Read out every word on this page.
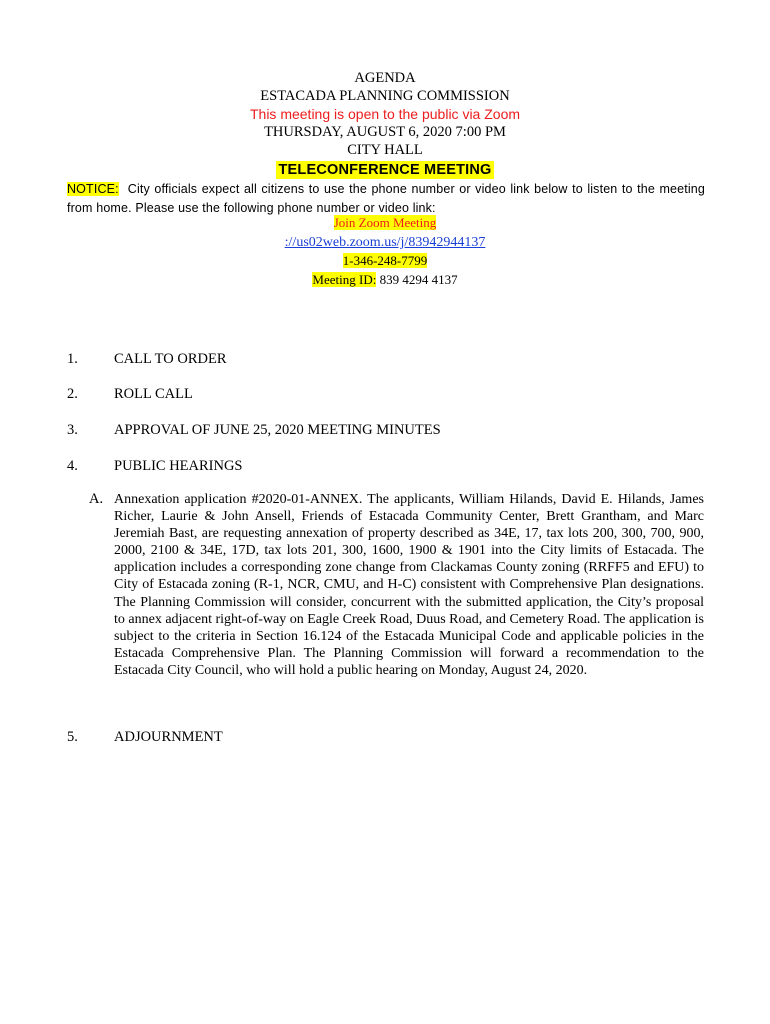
AGENDA
ESTACADA PLANNING COMMISSION
This meeting is open to the public via Zoom
THURSDAY, AUGUST 6, 2020 7:00 PM
CITY HALL
TELECONFERENCE MEETING
NOTICE: City officials expect all citizens to use the phone number or video link below to listen to the meeting from home. Please use the following phone number or video link:
Join Zoom Meeting
://us02web.zoom.us/j/83942944137
1-346-248-7799
Meeting ID: 839 4294 4137
1.	CALL TO ORDER
2.	ROLL CALL
3.	APPROVAL OF JUNE 25, 2020 MEETING MINUTES
4.	PUBLIC HEARINGS
A. Annexation application #2020-01-ANNEX. The applicants, William Hilands, David E. Hilands, James Richer, Laurie & John Ansell, Friends of Estacada Community Center, Brett Grantham, and Marc Jeremiah Bast, are requesting annexation of property described as 34E, 17, tax lots 200, 300, 700, 900, 2000, 2100 & 34E, 17D, tax lots 201, 300, 1600, 1900 & 1901 into the City limits of Estacada. The application includes a corresponding zone change from Clackamas County zoning (RRFF5 and EFU) to City of Estacada zoning (R-1, NCR, CMU, and H-C) consistent with Comprehensive Plan designations. The Planning Commission will consider, concurrent with the submitted application, the City’s proposal to annex adjacent right-of-way on Eagle Creek Road, Duus Road, and Cemetery Road. The application is subject to the criteria in Section 16.124 of the Estacada Municipal Code and applicable policies in the Estacada Comprehensive Plan. The Planning Commission will forward a recommendation to the Estacada City Council, who will hold a public hearing on Monday, August 24, 2020.
5.	ADJOURNMENT
